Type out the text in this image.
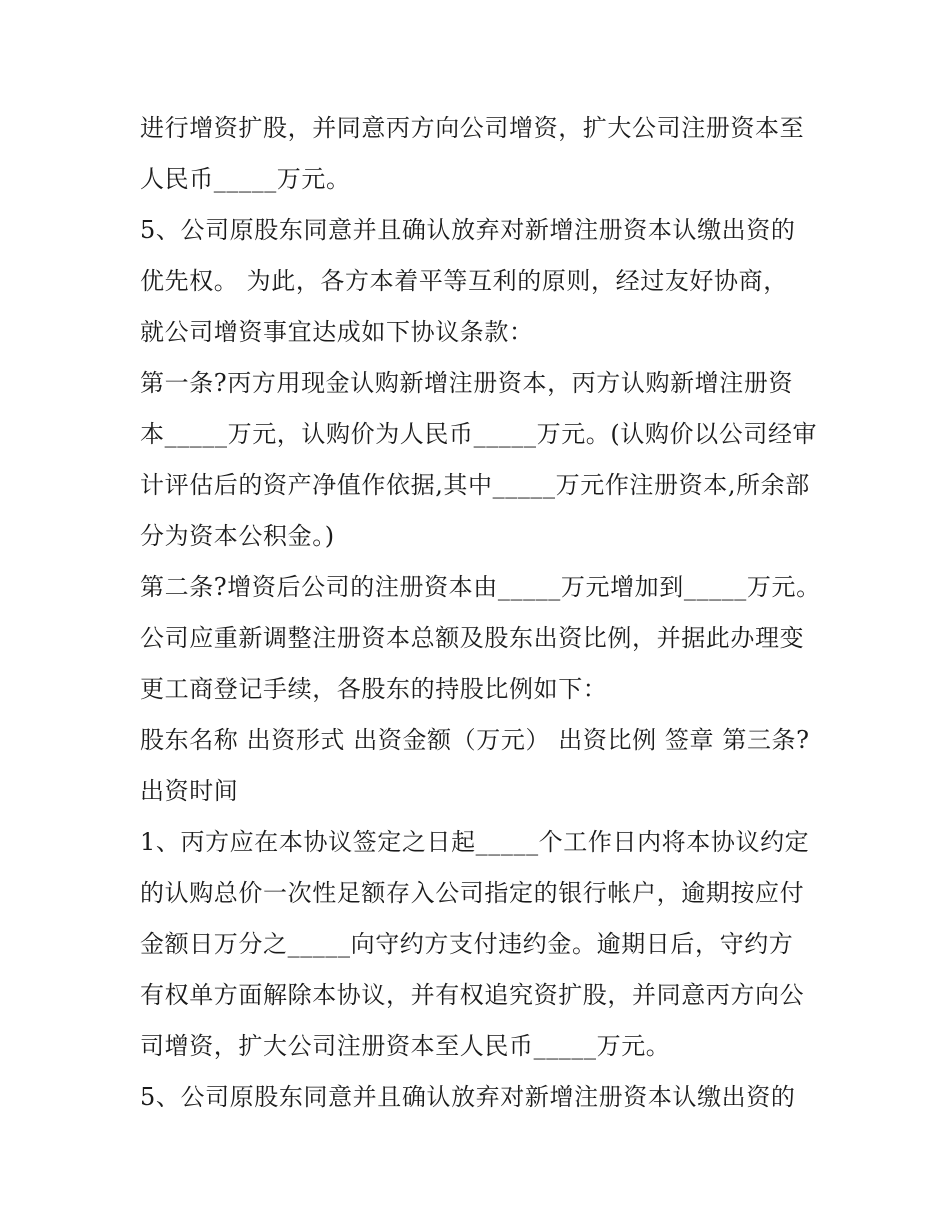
进行增资扩股，并同意丙方向公司增资，扩大公司注册资本至
人民币_____万元。
5、公司原股东同意并且确认放弃对新增注册资本认缴出资的
优先权。 为此，各方本着平等互利的原则，经过友好协商，
就公司增资事宜达成如下协议条款：
第一条?丙方用现金认购新增注册资本，丙方认购新增注册资
本_____万元，认购价为人民币_____万元。(认购价以公司经审
计评估后的资产净值作依据,其中_____万元作注册资本,所余部
分为资本公积金。)
第二条?增资后公司的注册资本由_____万元增加到_____万元。
公司应重新调整注册资本总额及股东出资比例，并据此办理变
更工商登记手续，各股东的持股比例如下：
股东名称 出资形式 出资金额（万元） 出资比例 签章 第三条?
出资时间
1、丙方应在本协议签定之日起_____个工作日内将本协议约定
的认购总价一次性足额存入公司指定的银行帐户，逾期按应付
金额日万分之_____向守约方支付违约金。逾期日后，守约方
有权单方面解除本协议，并有权追究资扩股，并同意丙方向公
司增资，扩大公司注册资本至人民币_____万元。
5、公司原股东同意并且确认放弃对新增注册资本认缴出资的
